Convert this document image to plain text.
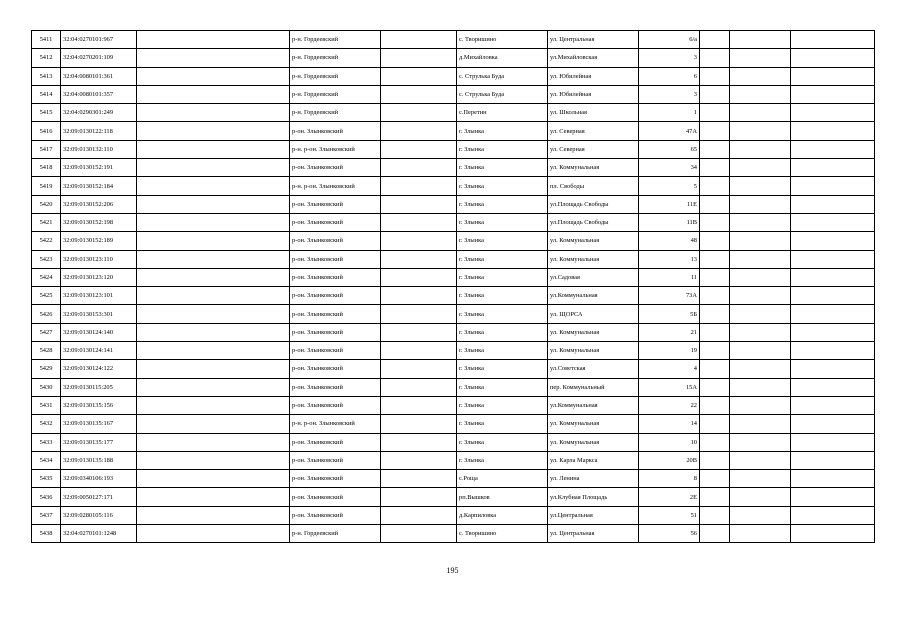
5411	32:04:0270101:967		р-н. Гордеевский		с. Творишино	ул. Центральная	6/а			
5412	32:04:0270201:109		р-н. Гордеевский		д.Михайловка	ул.Михайловская	3			
5413	32:04:0080101:361		р-н. Гордеевский		с. Струлька Буда	ул. Юбилейная	6			
5414	32:04:0080101:357		р-н. Гордеевский		с. Струлька Буда	ул. Юбилейная	3			
5415	32:04:0290301:249		р-н. Гордеевский		с.Перетин	ул. Школьная	1			
5416	32:09:0130122:118		р-он. Злынковский		г. Злынка	ул. Северная	47А			
5417	32:09:0130132:110		р-н. р-он. Злынковский		г. Злынка	ул. Северная	65			
5418	32:09:0130152:191		р-он. Злынковский		г. Злынка	ул. Коммунальная	34			
5419	32:09:0130152:184		р-н. р-он. Злынковский		г. Злынка	пл. Свободы	5			
5420	32:09:0130152:206		р-он. Злынковский		г. Злынка	ул.Площадь Свободы	11Е			
5421	32:09:0130152:198		р-он. Злынковский		г. Злынка	ул.Площадь Свободы	11В			
5422	32:09:0130152:189		р-он. Злынковский		г. Злынка	ул. Коммунальная	48			
5423	32:09:0130123:110		р-он. Злынковский		г. Злынка	ул. Коммунальная	13			
5424	32:09:0130123:120		р-он. Злынковский		г. Злынка	ул.Садовая	11			
5425	32:09:0130123:101		р-он. Злынковский		г. Злынка	ул.Коммунальная	73А			
5426	32:09:0130153:301		р-он. Злынковский		г. Злынка	ул. ЩОРСА	5Б			
5427	32:09:0130124:140		р-он. Злынковский		г. Злынка	ул. Коммунальная	21			
5428	32:09:0130124:141		р-он. Злынковский		г. Злынка	ул. Коммунальная	19			
5429	32:09:0130124:122		р-он. Злынковский		г. Злынка	ул.Советская	4			
5430	32:09:0130115:205		р-он. Злынковский		г. Злынка	пер. Коммунальный	15А			
5431	32:09:0130135:156		р-он. Злынковский		г. Злынка	ул.Коммунальная	22			
5432	32:09:0130135:167		р-н. р-он. Злынковский		г. Злынка	ул. Коммунальная	14			
5433	32:09:0130135:177		р-он. Злынковский		г. Злынка	ул. Коммунальная	10			
5434	32:09:0130135:188		р-он. Злынковский		г. Злынка	ул. Карла Маркса	20В			
5435	32:09:0340106:193		р-он. Злынковский		с.Роща	ул. Ленина	8			
5436	32:09:0050127:171		р-он. Злынковский		рп.Вышков	ул.Клубная Площадь	2Е			
5437	32:09:0280105:116		р-он. Злынковский		д.Карпиловка	ул.Центральная	51			
5438	32:04:0270101:1248		р-н. Гордеевский		с. Творишино	ул. Центральная	56			
195
